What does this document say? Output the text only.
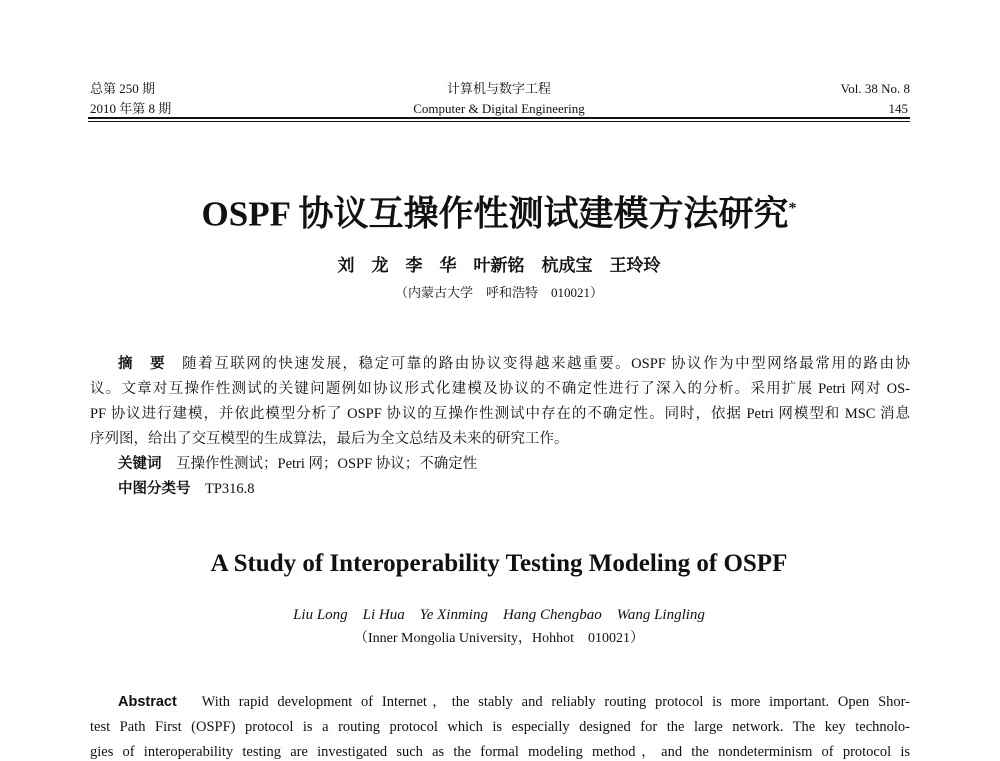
总第 250 期
2010 年第 8 期
计算机与数字工程
Computer & Digital Engineering
Vol. 38 No. 8
145
OSPF 协议互操作性测试建模方法研究*
刘　龙　李　华　叶新铭　杭成宝　王玲玲
（内蒙古大学　呼和浩特　010021）
摘　要　 随着互联网的快速发展，稳定可靠的路由协议变得越来越重要。OSPF 协议作为中型网络最常用的路由协
议。文章对互操作性测试的关键问题例如协议形式化建模及协议的不确定性进行了深入的分析。采用扩展 Petri 网对 OS-
PF 协议进行建模，并依此模型分析了 OSPF 协议的互操作性测试中存在的不确定性。同时，依据 Petri 网模型和 MSC 消息
序列图，给出了交互模型的生成算法，最后为全文总结及未来的研究工作。
关键词　 互操作性测试；Petri 网；OSPF 协议；不确定性
中图分类号　 TP316.8
A Study of Interoperability Testing Modeling of OSPF
Liu Long　Li Hua　Ye Xinming　Hang Chengbao　Wang Lingling
（Inner Mongolia University，Hohhot　010021）
Abstract　 With rapid development of Internet，the stably and reliably routing protocol is more important. Open Shor-
test Path First (OSPF) protocol is a routing protocol which is especially designed for the large network. The key technolo-
gies of interoperability testing are investigated such as the formal modeling method，and the nondeterminism of protocol is
